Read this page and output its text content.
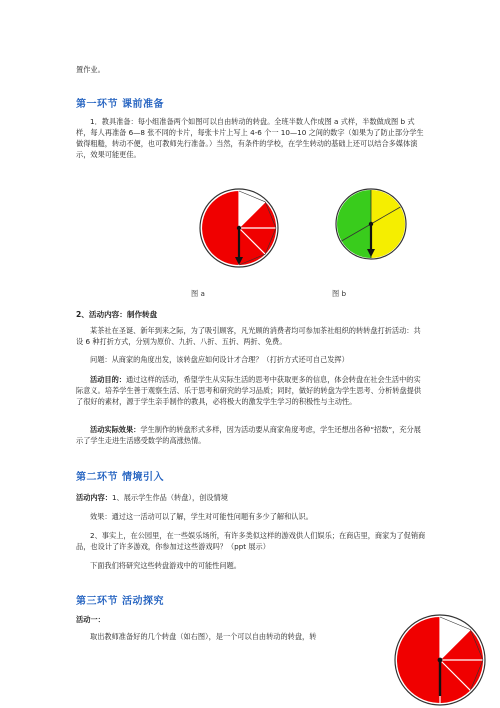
置作业。

第一环节 课前准备

1．教具准备：每小组准备两个如图可以自由转动的转盘。全班半数人作成图 a 式样，半数做成图 b 式样，每人再准备 6—8 张不同的卡片，每张卡片上写上 4-6 个一 10—10 之间的数字（如果为了防止部分学生做得粗糙，转动不便，也可教师先行准备。）当然，有条件的学校，在学生转动的基础上还可以结合多媒体演示，效果可能更佳。

图 a	图 b

2、活动内容：制作转盘

某茶社在圣诞、新年到来之际，为了吸引顾客，凡光顾的消费者均可参加茶社组织的转转盘打折活动：共设 6 种打折方式，分别为原价、九折、八折、五折、两折、免费。

问题：从商家的角度出发，该转盘应如何设计才合理？（打折方式还可自己发挥）

活动目的：通过这样的活动，希望学生从实际生活的思考中获取更多的信息，体会转盘在社会生活中的实际意义。培养学生善于观察生活、乐于思考和研究的学习品质；同时，做好的转盘为学生思考、分析转盘提供了很好的素材，源于学生亲手制作的教具，必将极大的激发学生学习的积极性与主动性。

活动实际效果：学生制作的转盘形式多样，因为活动要从商家角度考虑，学生还想出各种“招数”，充分展示了学生走进生活感受数学的高涨热情。

第二环节 情境引入

活动内容：1、展示学生作品（转盘），创设情境

效果：通过这一活动可以了解，学生对可能性问题有多少了解和认识。

2、事实上，在公园里，在一些娱乐场所，有许多类似这样的游戏供人们娱乐；在商店里，商家为了促销商品，也设计了许多游戏，你参加过这些游戏吗？（ppt 展示）

下面我们将研究这些转盘游戏中的可能性问题。

第三环节 活动探究

活动一：

取出教师准备好的几个转盘（如右图），是一个可以自由转动的转盘，转
